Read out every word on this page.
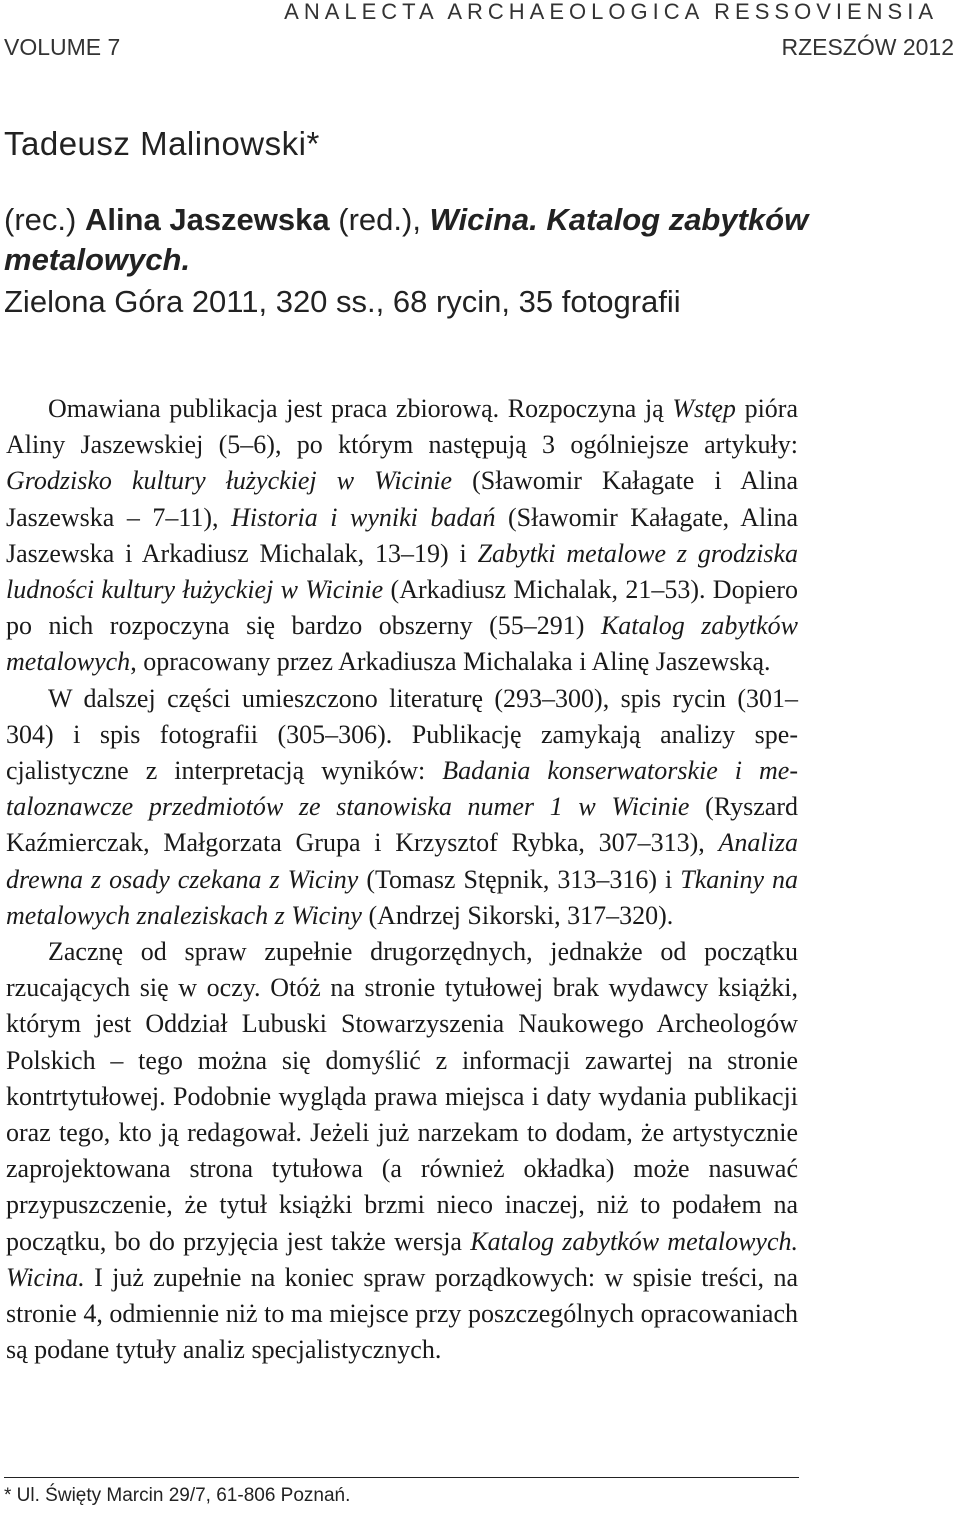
ANALECTA ARCHAEOLOGICA RESSOVIENSIA
VOLUME 7	RZESZÓW 2012
Tadeusz Malinowski*
(rec.) Alina Jaszewska (red.), Wicina. Katalog zabytków metalowych.
Zielona Góra 2011, 320 ss., 68 rycin, 35 fotografii

Omawiana publikacja jest praca zbiorową. Rozpoczyna ją Wstęp pióra Aliny Jaszewskiej (5–6), po którym następują 3 ogólniejsze artykuły: Grodzisko kultury łużyckiej w Wicinie (Sławomir Kałagate i Alina Jaszewska – 7–11), Historia i wyniki badań (Sławomir Kałagate, Alina Jaszewska i Arkadiusz Michalak, 13–19) i Zabytki metalowe z grodziska ludności kultury łużyckiej w Wicinie (Arkadiusz Michalak, 21–53). Dopiero po nich rozpoczyna się bardzo obszerny (55–291) Katalog zabytków metalowych, opracowany przez Arkadiusza Michalaka i Alinę Jaszewską.

W dalszej części umieszczono literaturę (293–300), spis rycin (301–304) i spis fotografii (305–306). Publikację zamykają analizy specjalistyczne z interpretacją wyników: Badania konserwatorskie i metaloznawcze przedmiotów ze stanowiska numer 1 w Wicinie (Ryszard Kaźmierczak, Małgorzata Grupa i Krzysztof Rybka, 307–313), Analiza drewna z osady czekana z Wiciny (Tomasz Stępnik, 313–316) i Tkaniny na metalowych znaleziskach z Wiciny (Andrzej Sikorski, 317–320).

Zacznę od spraw zupełnie drugorzędnych, jednakże od początku rzucających się w oczy. Otóż na stronie tytułowej brak wydawcy książki, którym jest Oddział Lubuski Stowarzyszenia Naukowego Archeologów Polskich – tego można się domyślić z informacji zawartej na stronie kontrtytułowej. Podobnie wygląda prawa miejsca i daty wydania publikacji oraz tego, kto ją redagował. Jeżeli już narzekam to dodam, że artystycznie zaprojektowana strona tytułowa (a również okładka) może nasuwać przypuszczenie, że tytuł książki brzmi nieco inaczej, niż to podałem na początku, bo do przyjęcia jest także wersja Katalog zabytków metalowych. Wicina. I już zupełnie na koniec spraw porządkowych: w spisie treści, na stronie 4, odmiennie niż to ma miejsce przy poszczególnych opracowaniach są podane tytuły analiz specjalistycznych.

* Ul. Święty Marcin 29/7, 61-806 Poznań.
